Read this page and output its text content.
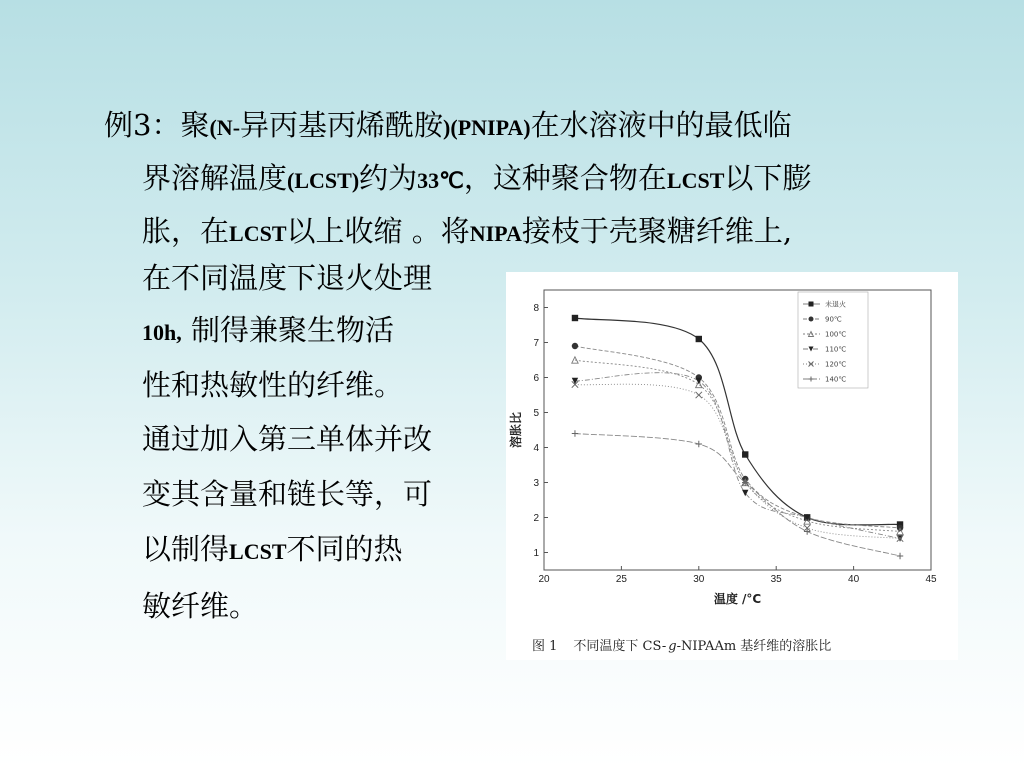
例3：聚(N-异丙基丙烯酰胺)(PNIPA)在水溶液中的最低临
界溶解温度(LCST)约为33℃，这种聚合物在LCST以下膨
胀，在LCST以上收缩 。将NIPA接枝于壳聚糖纤维上,

在不同温度下退火处理
10h, 制得兼聚生物活
性和热敏性的纤维。

通过加入第三单体并改
变其含量和链长等，可
以制得LCST不同的热
敏纤维。

20	25	30	35	40	45
1
2
3
4
5
6
7
8
温度 /°C
溶胀比
未退火
90℃
100℃
110℃
120℃
140℃
图 1 不同温度下 CS- g-NIPAAm 基纤维的溶胀比
